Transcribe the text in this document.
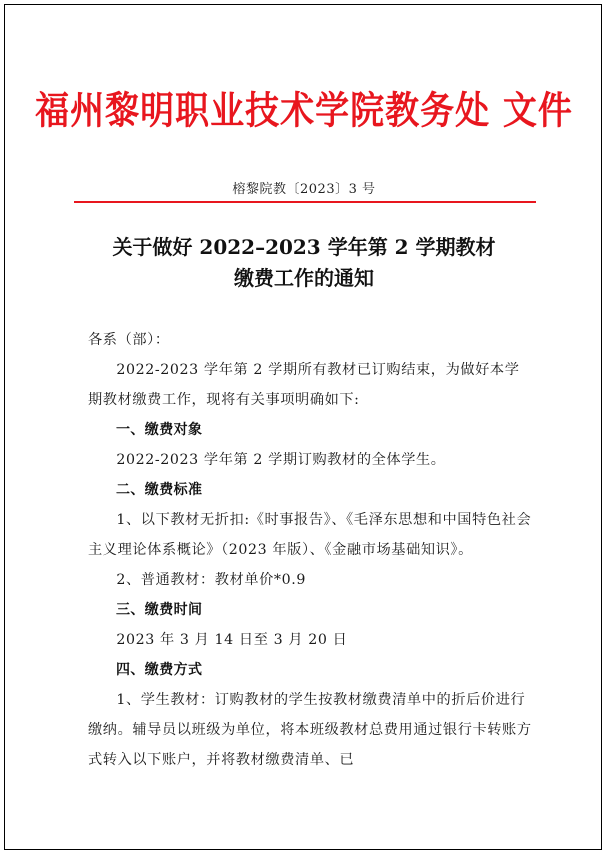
福州黎明职业技术学院教务处 文件
榕黎院教〔2023〕3 号
关于做好 2022–2023 学年第 2 学期教材
缴费工作的通知

各系（部）：

2022-2023 学年第 2 学期所有教材已订购结束，为做好本学期教材缴费工作，现将有关事项明确如下:

一、缴费对象

2022-2023 学年第 2 学期订购教材的全体学生。

二、缴费标准

1、以下教材无折扣:《时事报告》、《毛泽东思想和中国特色社会主义理论体系概论》（2023 年版）、《金融市场基础知识》。

2、普通教材：教材单价*0.9

三、缴费时间

2023 年 3 月 14 日至 3 月 20 日

四、缴费方式

1、学生教材：订购教材的学生按教材缴费清单中的折后价进行缴纳。辅导员以班级为单位，将本班级教材总费用通过银行卡转账方式转入以下账户，并将教材缴费清单、已
